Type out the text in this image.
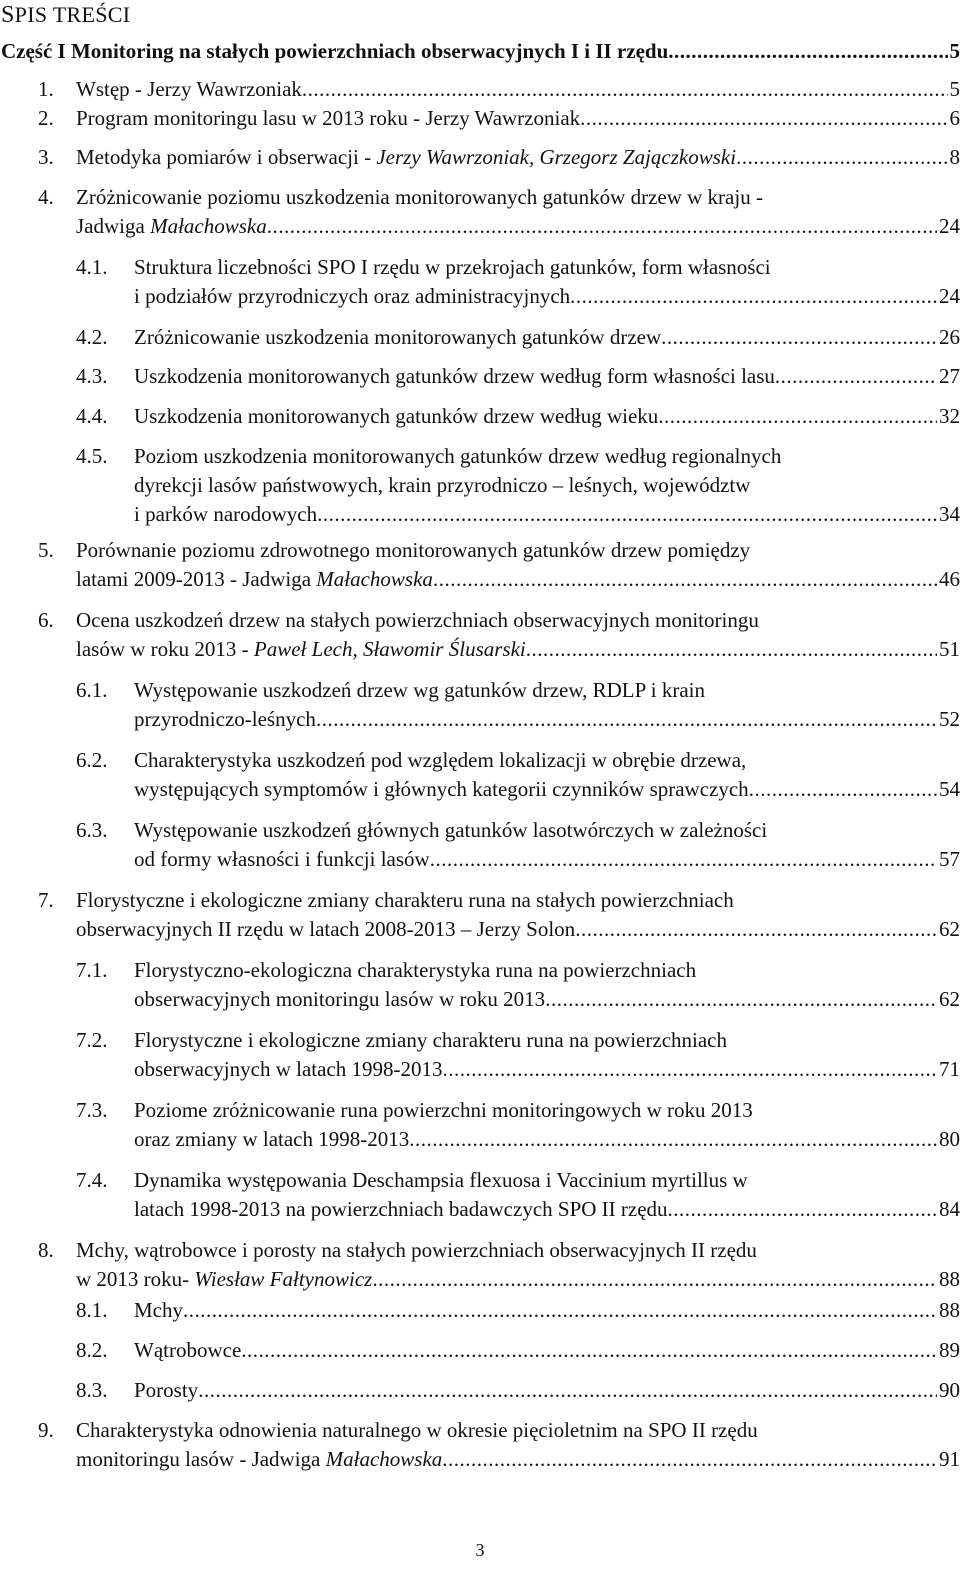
SPIS TREŚCI
Część I Monitoring na stałych powierzchniach obserwacyjnych I i II rzędu .....	5
1. Wstęp - Jerzy Wawrzoniak .....	5
2. Program monitoringu lasu w 2013 roku - Jerzy Wawrzoniak .....	6
3. Metodyka pomiarów i obserwacji - Jerzy Wawrzoniak, Grzegorz Zajączkowski .....	8
4. Zróżnicowanie poziomu uszkodzenia monitorowanych gatunków drzew w kraju -
Jadwiga Małachowska .....	24
4.1. Struktura liczebności SPO I rzędu w przekrojach gatunków, form własności
i podziałów przyrodniczych oraz administracyjnych .....	24
4.2. Zróżnicowanie uszkodzenia monitorowanych gatunków drzew .....	26
4.3. Uszkodzenia monitorowanych gatunków drzew według form własności lasu .....	27
4.4. Uszkodzenia monitorowanych gatunków drzew według wieku .....	32
4.5. Poziom uszkodzenia monitorowanych gatunków drzew według regionalnych
dyrekcji lasów państwowych, krain przyrodniczo – leśnych, województw
i parków narodowych .....	34
5. Porównanie poziomu zdrowotnego monitorowanych gatunków drzew pomiędzy
latami 2009-2013 - Jadwiga Małachowska .....	46
6. Ocena uszkodzeń drzew na stałych powierzchniach obserwacyjnych monitoringu
lasów w roku 2013 - Paweł Lech, Sławomir Ślusarski .....	51
6.1. Występowanie uszkodzeń drzew wg gatunków drzew, RDLP i krain
przyrodniczo-leśnych .....	52
6.2. Charakterystyka uszkodzeń pod względem lokalizacji w obrębie drzewa,
występujących symptomów i głównych kategorii czynników sprawczych .....	54
6.3. Występowanie uszkodzeń głównych gatunków lasotwórczych w zależności
od formy własności i funkcji lasów .....	57
7. Florystyczne i ekologiczne zmiany charakteru runa na stałych powierzchniach
obserwacyjnych II rzędu w latach 2008-2013 – Jerzy Solon .....	62
7.1. Florystyczno-ekologiczna charakterystyka runa na powierzchniach
obserwacyjnych monitoringu lasów w roku 2013 .....	62
7.2. Florystyczne i ekologiczne zmiany charakteru runa na powierzchniach
obserwacyjnych w latach 1998-2013 .....	71
7.3. Poziome zróżnicowanie runa powierzchni monitoringowych w roku 2013
oraz zmiany w latach 1998-2013 .....	80
7.4. Dynamika występowania Deschampsia flexuosa i Vaccinium myrtillus w
latach 1998-2013 na powierzchniach badawczych SPO II rzędu .....	84
8. Mchy, wątrobowce i porosty na stałych powierzchniach obserwacyjnych II rzędu
w 2013 roku- Wiesław Fałtynowicz .....	88
8.1. Mchy .....	88
8.2. Wątrobowce .....	89
8.3. Porosty .....	90
9. Charakterystyka odnowienia naturalnego w okresie pięcioletnim na SPO II rzędu
monitoringu lasów - Jadwiga Małachowska .....	91
3
